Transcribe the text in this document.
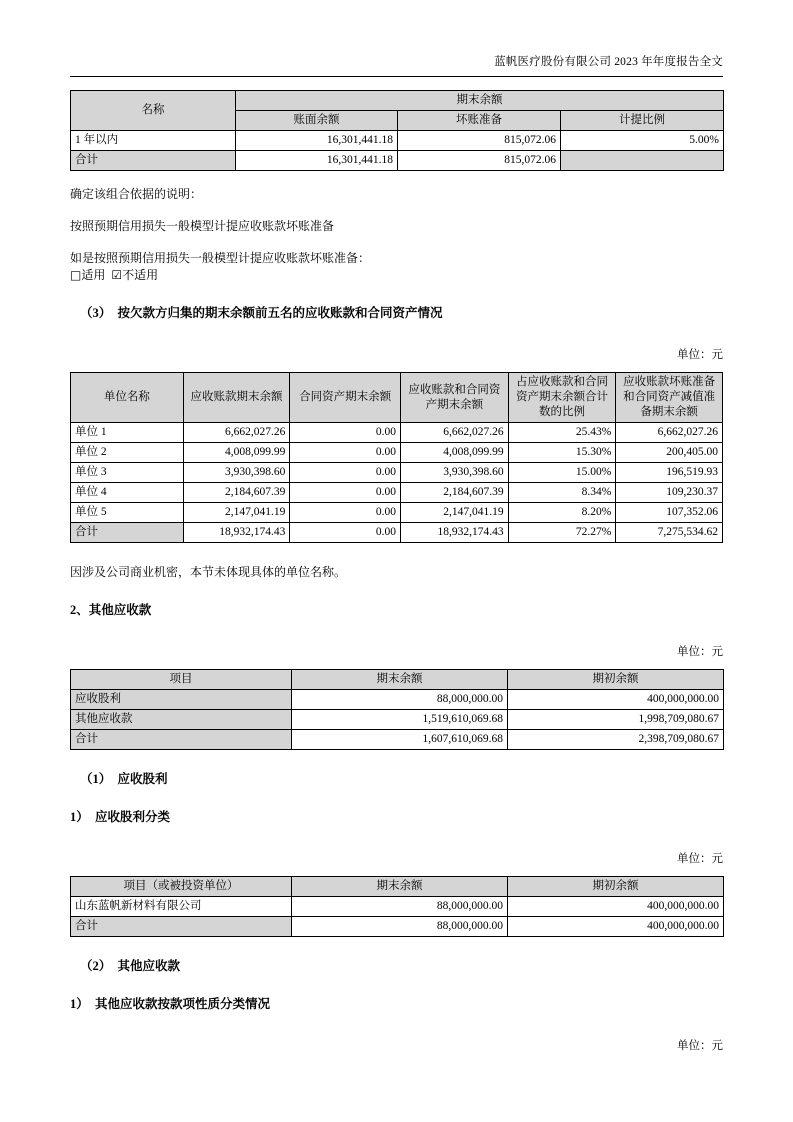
蓝帆医疗股份有限公司 2023 年年度报告全文
名称	期末余额		
	账面余额	坏账准备	计提比例
1 年以内	16,301,441.18	815,072.06	5.00%
合计	16,301,441.18	815,072.06	

确定该组合依据的说明：

按照预期信用损失一般模型计提应收账款坏账准备

如是按照预期信用损失一般模型计提应收账款坏账准备：

□适用 ☑不适用

（3） 按欠款方归集的期末余额前五名的应收账款和合同资产情况

单位：元

单位名称	应收账款期末余额	合同资产期末余额	应收账款和合同资产期末余额	占应收账款和合同资产期末余额合计数的比例	应收账款坏账准备和合同资产减值准备期末余额
单位 1	6,662,027.26	0.00	6,662,027.26	25.43%	6,662,027.26
单位 2	4,008,099.99	0.00	4,008,099.99	15.30%	200,405.00
单位 3	3,930,398.60	0.00	3,930,398.60	15.00%	196,519.93
单位 4	2,184,607.39	0.00	2,184,607.39	8.34%	109,230.37
单位 5	2,147,041.19	0.00	2,147,041.19	8.20%	107,352.06
合计	18,932,174.43	0.00	18,932,174.43	72.27%	7,275,534.62

因涉及公司商业机密，本节未体现具体的单位名称。

2、其他应收款

单位：元

项目	期末余额	期初余额
应收股利	88,000,000.00	400,000,000.00
其他应收款	1,519,610,069.68	1,998,709,080.67
合计	1,607,610,069.68	2,398,709,080.67

（1） 应收股利

1） 应收股利分类

单位：元

项目（或被投资单位）	期末余额	期初余额
山东蓝帆新材料有限公司	88,000,000.00	400,000,000.00
合计	88,000,000.00	400,000,000.00

（2） 其他应收款

1） 其他应收款按款项性质分类情况

单位：元
